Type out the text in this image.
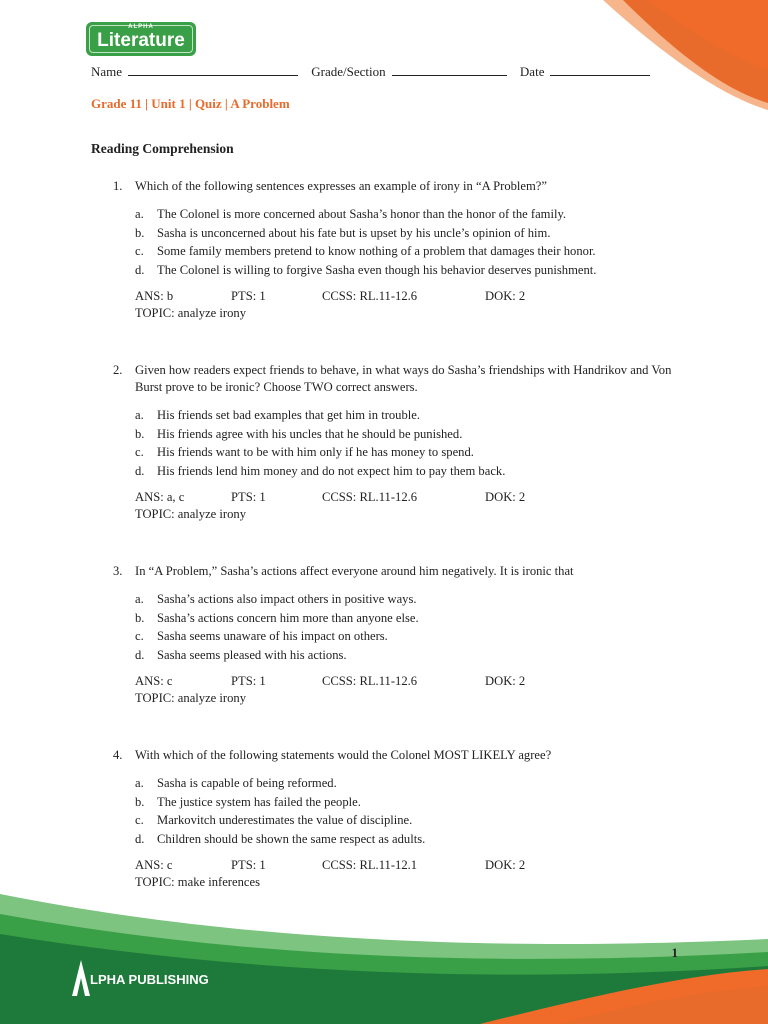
ALPHA
Literature
Name	Grade/Section	Date
Grade 11 | Unit 1 | Quiz | A Problem
Reading Comprehension
1. Which of the following sentences expresses an example of irony in “A Problem?”
a. The Colonel is more concerned about Sasha’s honor than the honor of the family.
b. Sasha is unconcerned about his fate but is upset by his uncle’s opinion of him.
c. Some family members pretend to know nothing of a problem that damages their honor.
d. The Colonel is willing to forgive Sasha even though his behavior deserves punishment.
ANS: b	PTS: 1	CCSS: RL.11-12.6	DOK: 2
TOPIC: analyze irony
2. Given how readers expect friends to behave, in what ways do Sasha’s friendships with Handrikov and Von Burst prove to be ironic? Choose TWO correct answers.
a. His friends set bad examples that get him in trouble.
b. His friends agree with his uncles that he should be punished.
c. His friends want to be with him only if he has money to spend.
d. His friends lend him money and do not expect him to pay them back.
ANS: a, c	PTS: 1	CCSS: RL.11-12.6	DOK: 2
TOPIC: analyze irony
3. In “A Problem,” Sasha’s actions affect everyone around him negatively. It is ironic that
a. Sasha’s actions also impact others in positive ways.
b. Sasha’s actions concern him more than anyone else.
c. Sasha seems unaware of his impact on others.
d. Sasha seems pleased with his actions.
ANS: c	PTS: 1	CCSS: RL.11-12.6	DOK: 2
TOPIC: analyze irony
4. With which of the following statements would the Colonel MOST LIKELY agree?
a. Sasha is capable of being reformed.
b. The justice system has failed the people.
c. Markovitch underestimates the value of discipline.
d. Children should be shown the same respect as adults.
ANS: c	PTS: 1	CCSS: RL.11-12.1	DOK: 2
TOPIC: make inferences
1
LPHA PUBLISHING
